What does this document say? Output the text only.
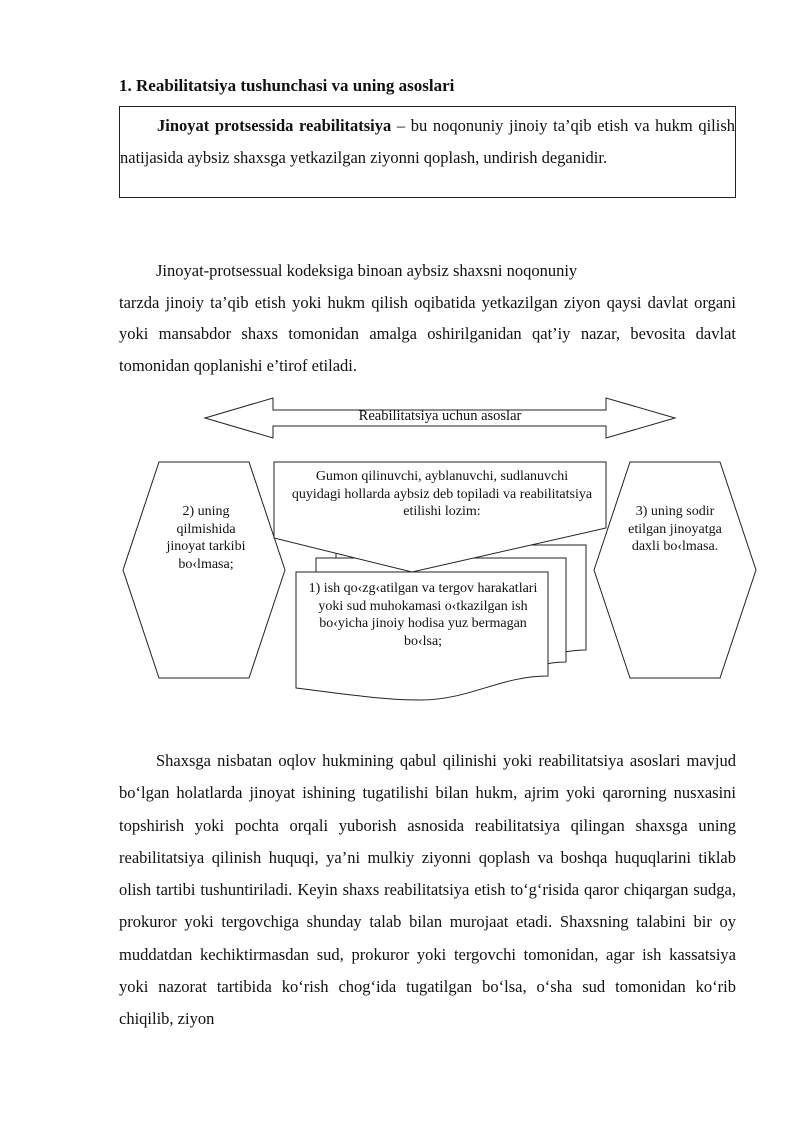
1. Reabilitatsiya tushunchasi va uning asoslari
Jinoyat protsessida reabilitatsiya – bu noqonuniy jinoiy ta’qib etish va hukm qilish natijasida aybsiz shaxsga yetkazilgan ziyonni qoplash, undirish deganidir.
Jinoyat-protsessual kodeksiga binoan aybsiz shaxsni noqonuniy
tarzda jinoiy ta’qib etish yoki hukm qilish oqibatida yetkazilgan ziyon qaysi davlat organi yoki mansabdor shaxs tomonidan amalga oshirilganidan qat’iy nazar, bevosita davlat tomonidan qoplanishi e’tirof etiladi.
Reabilitatsiya uchun asoslar
Gumon qilinuvchi, ayblanuvchi, sudlanuvchi quyidagi hollarda aybsiz deb topiladi va reabilitatsiya etilishi lozim:
2) uning qilmishida jinoyat tarkibi bo‹lmasa;
3) uning sodir etilgan jinoyatga daxli bo‹lmasa.
1) ish qo‹zg‹atilgan va tergov harakatlari yoki sud muhokamasi o‹tkazilgan ish bo‹yicha jinoiy hodisa yuz bermagan bo‹lsa;
Shaxsga nisbatan oqlov hukmining qabul qilinishi yoki reabilitatsiya asoslari mavjud bo‘lgan holatlarda jinoyat ishining tugatilishi bilan hukm, ajrim yoki qarorning nusxasini topshirish yoki pochta orqali yuborish asnosida reabilitatsiya qilingan shaxsga uning reabilitatsiya qilinish huquqi, ya’ni mulkiy ziyonni qoplash va boshqa huquqlarini tiklab olish tartibi tushuntiriladi. Keyin shaxs reabilitatsiya etish to‘g‘risida qaror chiqargan sudga, prokuror yoki tergovchiga shunday talab bilan murojaat etadi. Shaxsning talabini bir oy muddatdan kechiktirmasdan sud, prokuror yoki tergovchi tomonidan, agar ish kassatsiya yoki nazorat tartibida ko‘rish chog‘ida tugatilgan bo‘lsa, o‘sha sud tomonidan ko‘rib chiqilib, ziyon
